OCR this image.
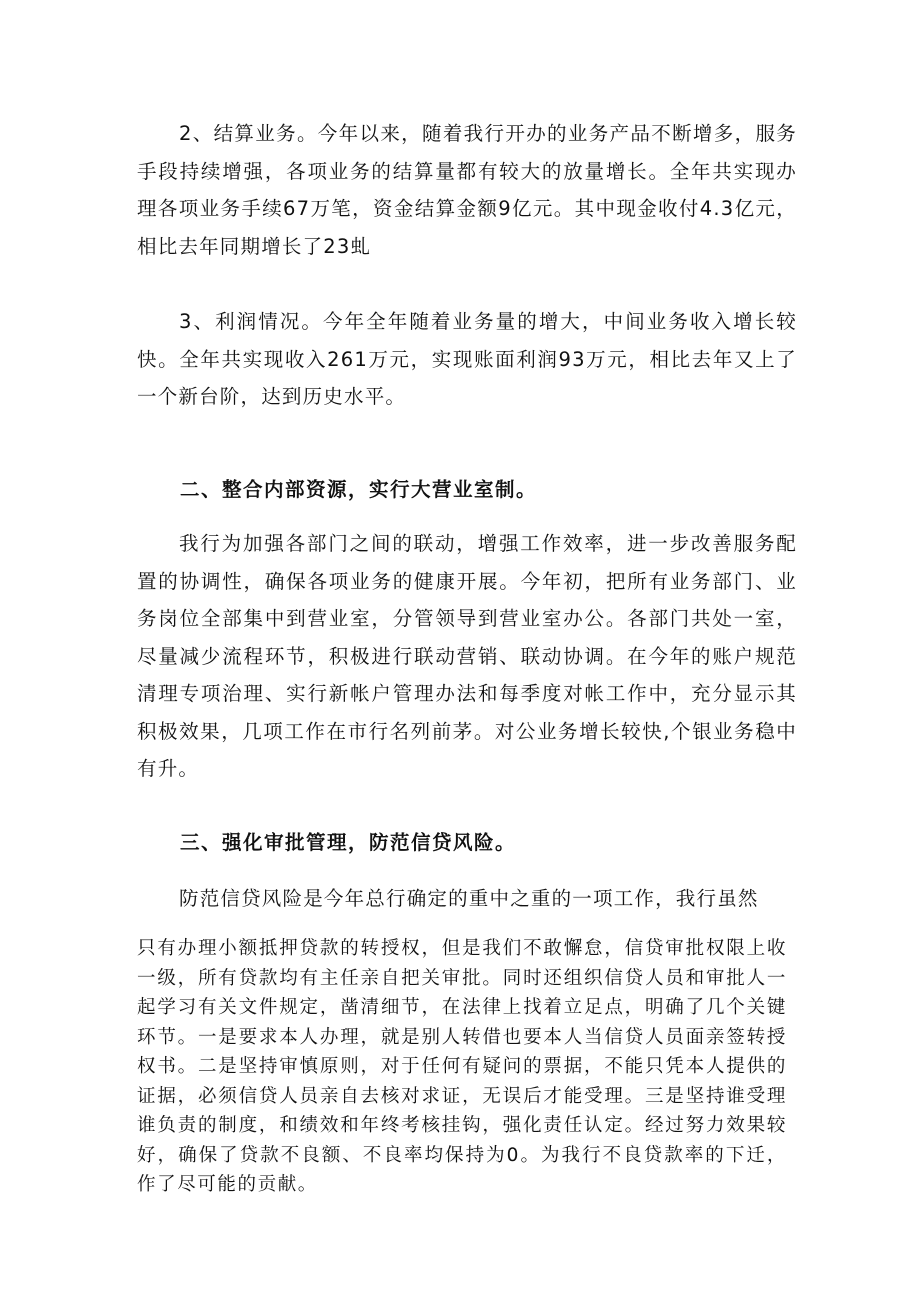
2、结算业务。今年以来，随着我行开办的业务产品不断增多，服务手段持续增强，各项业务的结算量都有较大的放量增长。全年共实现办理各项业务手续67万笔，资金结算金额9亿元。其中现金收付4.3亿元，相比去年同期增长了23虬

3、利润情况。今年全年随着业务量的增大，中间业务收入增长较快。全年共实现收入261万元，实现账面利润93万元，相比去年又上了一个新台阶，达到历史水平。

二、整合内部资源，实行大营业室制。

我行为加强各部门之间的联动，增强工作效率，进一步改善服务配置的协调性，确保各项业务的健康开展。今年初，把所有业务部门、业务岗位全部集中到营业室，分管领导到营业室办公。各部门共处一室，尽量减少流程环节，积极进行联动营销、联动协调。在今年的账户规范清理专项治理、实行新帐户管理办法和每季度对帐工作中，充分显示其积极效果，几项工作在市行名列前茅。对公业务增长较快,个银业务稳中有升。

三、强化审批管理，防范信贷风险。

防范信贷风险是今年总行确定的重中之重的一项工作，我行虽然

只有办理小额抵押贷款的转授权，但是我们不敢懈怠，信贷审批权限上收一级，所有贷款均有主任亲自把关审批。同时还组织信贷人员和审批人一起学习有关文件规定，凿清细节，在法律上找着立足点，明确了几个关键环节。一是要求本人办理，就是别人转借也要本人当信贷人员面亲签转授权书。二是坚持审慎原则，对于任何有疑问的票据，不能只凭本人提供的证据，必须信贷人员亲自去核对求证，无误后才能受理。三是坚持谁受理谁负责的制度，和绩效和年终考核挂钩，强化责任认定。经过努力效果较好，确保了贷款不良额、不良率均保持为0。为我行不良贷款率的下迁，作了尽可能的贡献。
